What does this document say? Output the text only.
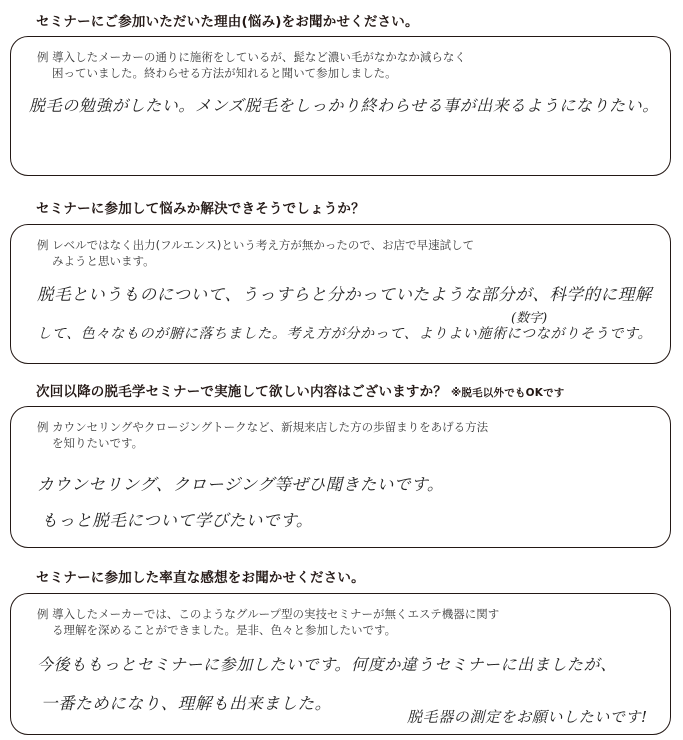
セミナーにご参加いただいた理由(悩み)をお聞かせください。
例 導入したメーカーの通りに施術をしているが、髭など濃い毛がなかなか減らなく
困っていました。終わらせる方法が知れると聞いて参加しました。
脱毛の勉強がしたい。メンズ脱毛をしっかり終わらせる事が出来るようになりたい。
セミナーに参加して悩みか解決できそうでしょうか？
例 レベルではなく出力(フルエンス)という考え方が無かったので、お店で早速試して
みようと思います。
脱毛というものについて、うっすらと分かっていたような部分が、科学的に理解
(数字)
して、色々なものが腑に落ちました。考え方が分かって、よりよい施術につながりそうです。
次回以降の脱毛学セミナーで実施して欲しい内容はございますか？ ※脱毛以外でもOKです
例 カウンセリングやクロージングトークなど、新規来店した方の歩留まりをあげる方法
を知りたいです。
カウンセリング、クロージング等ぜひ聞きたいです。
もっと脱毛について学びたいです。
セミナーに参加した率直な感想をお聞かせください。
例 導入したメーカーでは、このようなグループ型の実技セミナーが無くエステ機器に関す
る理解を深めることができました。是非、色々と参加したいです。
今後ももっとセミナーに参加したいです。何度か違うセミナーに出ましたが、
一番ためになり、理解も出来ました。
脱毛器の測定をお願いしたいです!
